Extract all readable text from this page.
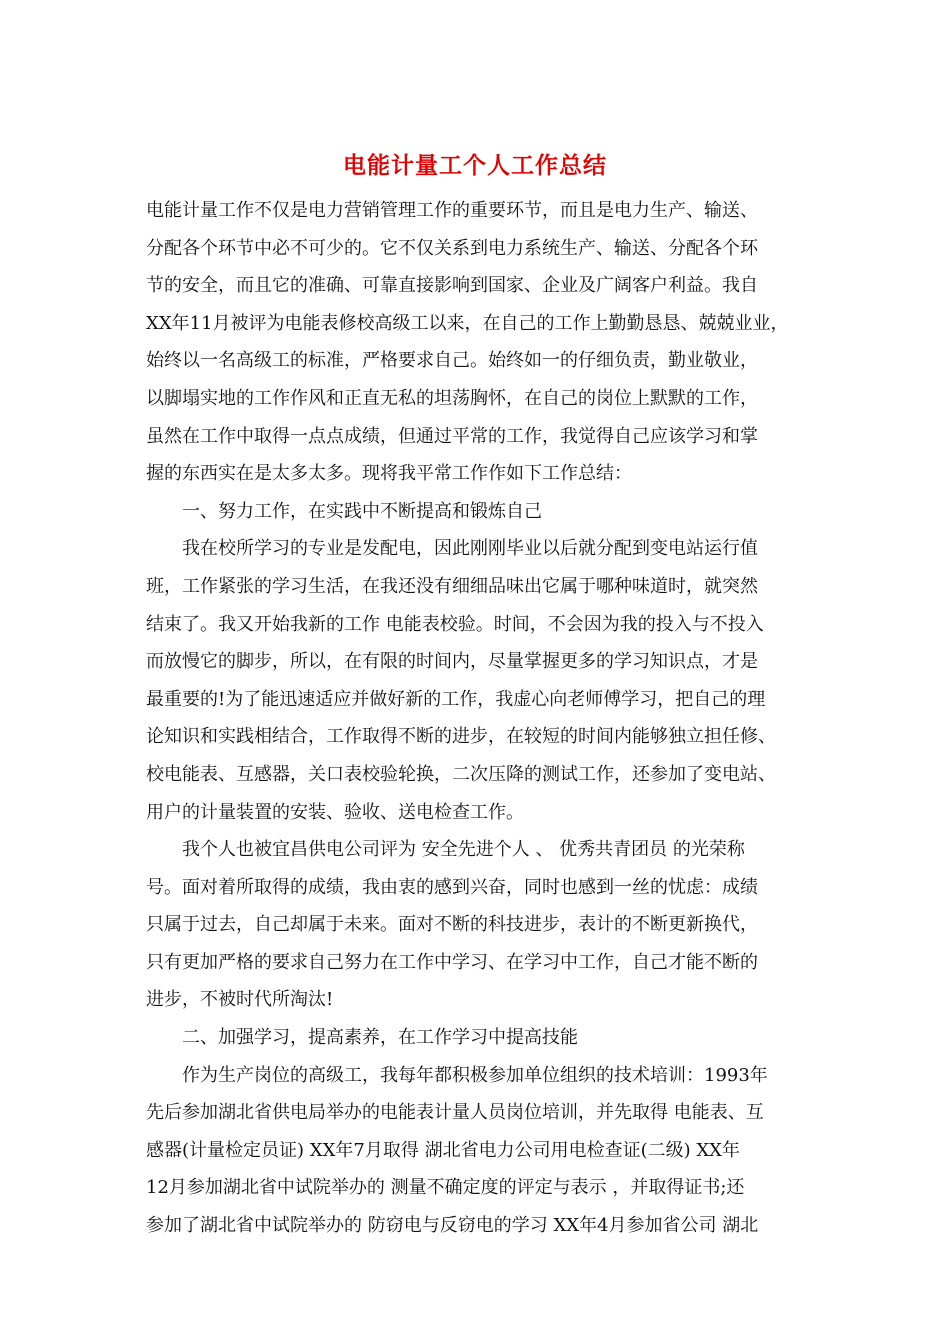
电能计量工个人工作总结
电能计量工作不仅是电力营销管理工作的重要环节，而且是电力生产、输送、
分配各个环节中必不可少的。它不仅关系到电力系统生产、输送、分配各个环
节的安全，而且它的准确、可靠直接影响到国家、企业及广阔客户利益。我自
XX年11月被评为电能表修校高级工以来，在自己的工作上勤勤恳恳、兢兢业业，
始终以一名高级工的标准，严格要求自己。始终如一的仔细负责，勤业敬业，
以脚塌实地的工作作风和正直无私的坦荡胸怀，在自己的岗位上默默的工作，
虽然在工作中取得一点点成绩，但通过平常的工作，我觉得自己应该学习和掌
握的东西实在是太多太多。现将我平常工作作如下工作总结：
一、努力工作，在实践中不断提高和锻炼自己
我在校所学习的专业是发配电，因此刚刚毕业以后就分配到变电站运行值
班，工作紧张的学习生活，在我还没有细细品味出它属于哪种味道时，就突然
结束了。我又开始我新的工作 电能表校验。时间，不会因为我的投入与不投入
而放慢它的脚步，所以，在有限的时间内，尽量掌握更多的学习知识点，才是
最重要的!为了能迅速适应并做好新的工作，我虚心向老师傅学习，把自己的理
论知识和实践相结合，工作取得不断的进步，在较短的时间内能够独立担任修、
校电能表、互感器，关口表校验轮换，二次压降的测试工作，还参加了变电站、
用户的计量装置的安装、验收、送电检查工作。
我个人也被宜昌供电公司评为 安全先进个人 、 优秀共青团员 的光荣称
号。面对着所取得的成绩，我由衷的感到兴奋，同时也感到一丝的忧虑：成绩
只属于过去，自己却属于未来。面对不断的科技进步，表计的不断更新换代，
只有更加严格的要求自己努力在工作中学习、在学习中工作，自己才能不断的
进步，不被时代所淘汰!
二、加强学习，提高素养，在工作学习中提高技能
作为生产岗位的高级工，我每年都积极参加单位组织的技术培训：1993年
先后参加湖北省供电局举办的电能表计量人员岗位培训，并先取得 电能表、互
感器(计量检定员证) XX年7月取得 湖北省电力公司用电检查证(二级) XX年
12月参加湖北省中试院举办的 测量不确定度的评定与表示 ，并取得证书;还
参加了湖北省中试院举办的 防窃电与反窃电的学习 XX年4月参加省公司 湖北
